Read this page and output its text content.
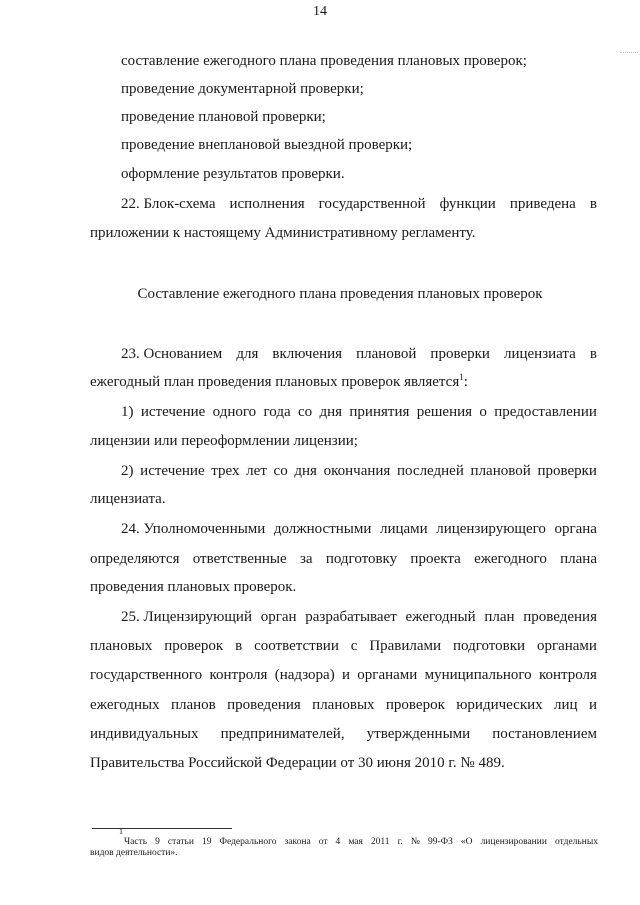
14
составление ежегодного плана проведения плановых проверок;
проведение документарной проверки;
проведение плановой проверки;
проведение внеплановой выездной проверки;
оформление результатов проверки.
22. Блок-схема исполнения государственной функции приведена в
приложении к настоящему Административному регламенту.
Составление ежегодного плана проведения плановых проверок
23. Основанием для включения плановой проверки лицензиата в
ежегодный план проведения плановых проверок является$^1$:
1) истечение одного года со дня принятия решения о предоставлении
лицензии или переоформлении лицензии;
2) истечение трех лет со дня окончания последней плановой проверки
лицензиата.
24. Уполномоченными должностными лицами лицензирующего органа
определяются ответственные за подготовку проекта ежегодного плана
проведения плановых проверок.
25. Лицензирующий орган разрабатывает ежегодный план проведения
плановых проверок в соответствии с Правилами подготовки органами
государственного контроля (надзора) и органами муниципального контроля
ежегодных планов проведения плановых проверок юридических лиц и
индивидуальных предпринимателей, утвержденными постановлением
Правительства Российской Федерации от 30 июня 2010 г. № 489.
Часть 9 статьи 19 Федерального закона от 4 мая 2011 г. № 99-ФЗ «О лицензировании отдельных
1
видов деятельности».
